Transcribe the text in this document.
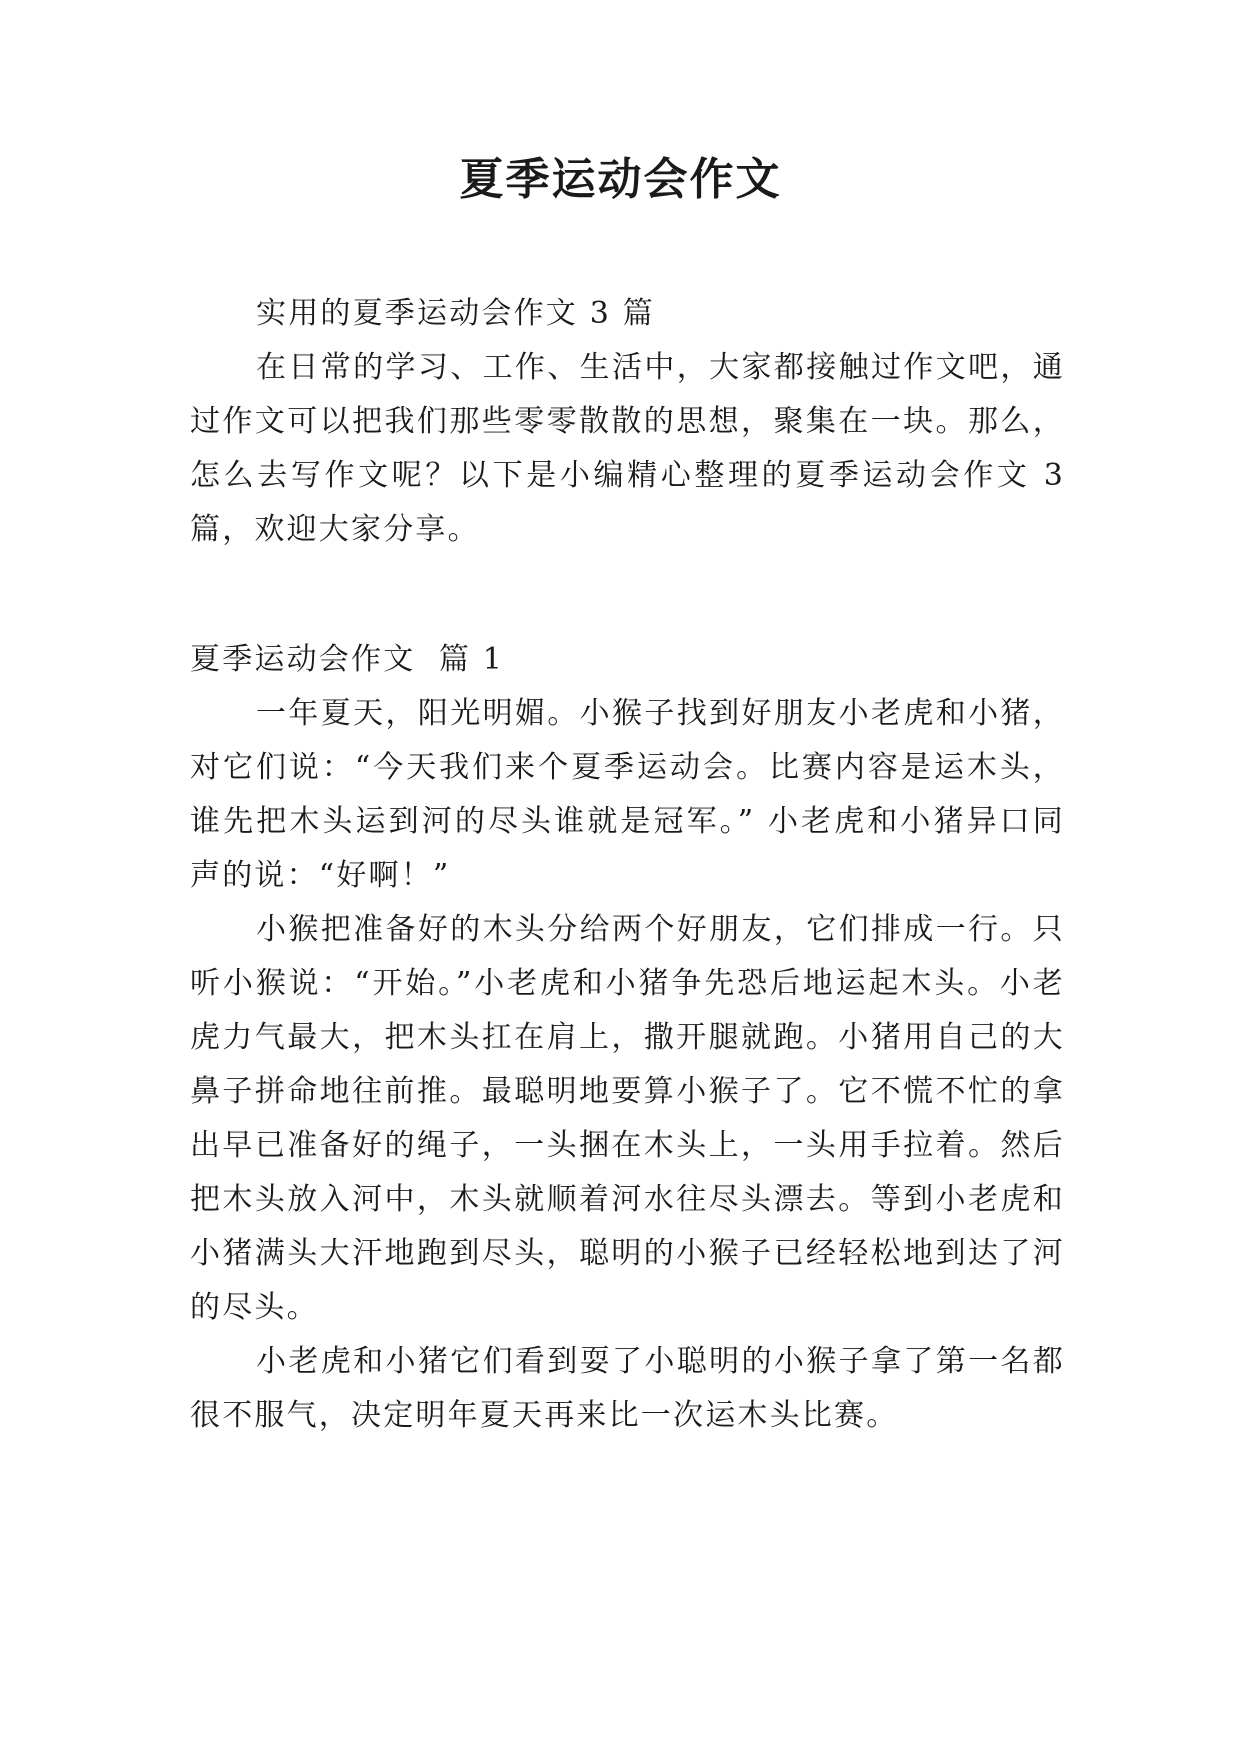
夏季运动会作文

实用的夏季运动会作文 3 篇

在日常的学习、工作、生活中，大家都接触过作文吧，通过作文可以把我们那些零零散散的思想，聚集在一块。那么，怎么去写作文呢？以下是小编精心整理的夏季运动会作文 3 篇，欢迎大家分享。

夏季运动会作文  篇 1

一年夏天，阳光明媚。小猴子找到好朋友小老虎和小猪，对它们说：“今天我们来个夏季运动会。比赛内容是运木头，谁先把木头运到河的尽头谁就是冠军。” 小老虎和小猪异口同声的说：“好啊！”

小猴把准备好的木头分给两个好朋友，它们排成一行。只听小猴说：“开始。”小老虎和小猪争先恐后地运起木头。小老虎力气最大，把木头扛在肩上，撒开腿就跑。小猪用自己的大鼻子拼命地往前推。最聪明地要算小猴子了。它不慌不忙的拿出早已准备好的绳子，一头捆在木头上，一头用手拉着。然后把木头放入河中，木头就顺着河水往尽头漂去。等到小老虎和小猪满头大汗地跑到尽头，聪明的小猴子已经轻松地到达了河的尽头。

小老虎和小猪它们看到耍了小聪明的小猴子拿了第一名都很不服气，决定明年夏天再来比一次运木头比赛。
